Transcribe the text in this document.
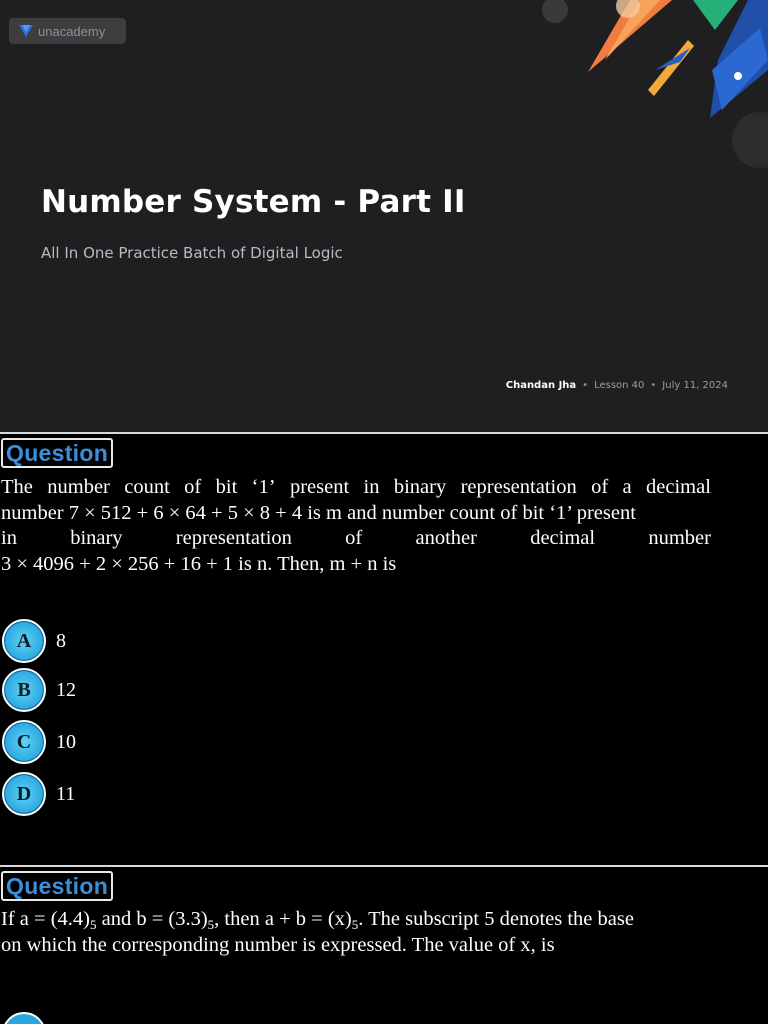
unacademy
Number System - Part II
All In One Practice Batch of Digital Logic
Chandan Jha • Lesson 40 • July 11, 2024
Question
The number count of bit ‘1’ present in binary representation of a decimal
number 7 × 512 + 6 × 64 + 5 × 8 + 4 is m and number count of bit ‘1’ present
in	binary	representation	of	another	decimal	number
3 × 4096 + 2 × 256 + 16 + 1 is n. Then, m + n is
A	8
B	12
C	10
D	11
Question
If $a = (4.4)_5$ and $b = (3.3)_5$, then $a + b = (x)_5$. The subscript 5 denotes the base
on which the corresponding number is expressed. The value of x, is
